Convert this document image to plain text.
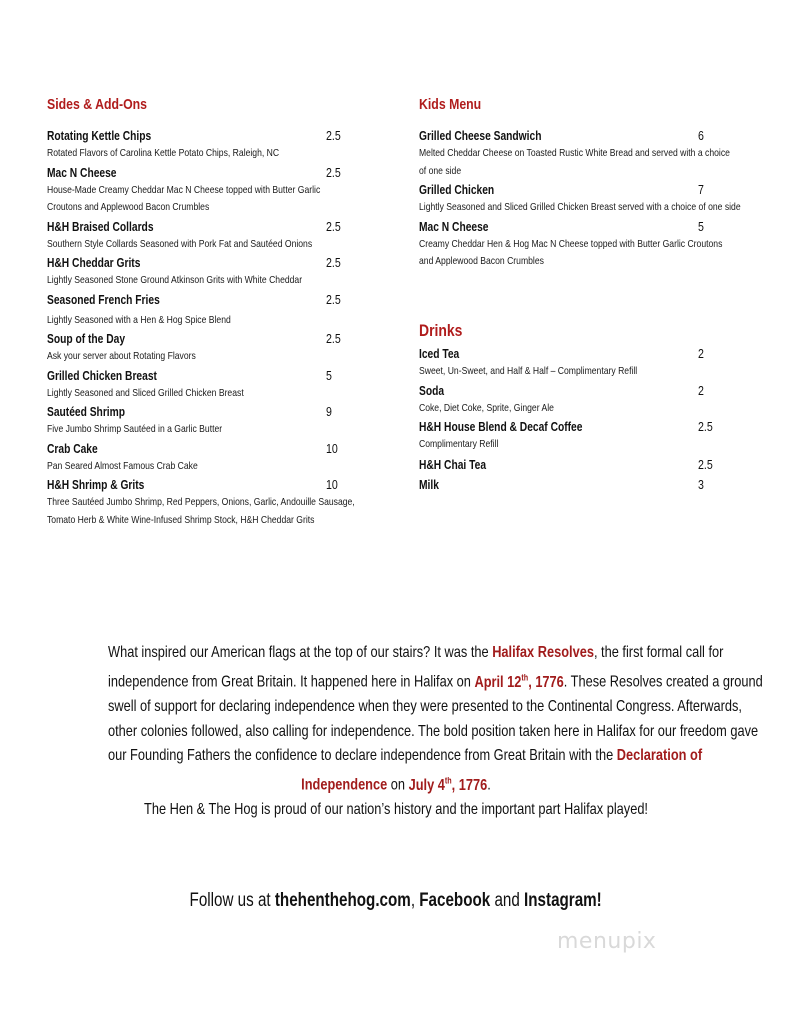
Sides & Add-Ons
Rotating Kettle Chips	2.5
Rotated Flavors of Carolina Kettle Potato Chips, Raleigh, NC
Mac N Cheese	2.5
House-Made Creamy Cheddar Mac N Cheese topped with Butter Garlic Croutons and Applewood Bacon Crumbles
H&H Braised Collards	2.5
Southern Style Collards Seasoned with Pork Fat and Sautéed Onions
H&H Cheddar Grits	2.5
Lightly Seasoned Stone Ground Atkinson Grits with White Cheddar
Seasoned French Fries	2.5
Lightly Seasoned with a Hen & Hog Spice Blend
Soup of the Day	2.5
Ask your server about Rotating Flavors
Grilled Chicken Breast	5
Lightly Seasoned and Sliced Grilled Chicken Breast
Sautéed Shrimp	9
Five Jumbo Shrimp Sautéed in a Garlic Butter
Crab Cake	10
Pan Seared Almost Famous Crab Cake
H&H Shrimp & Grits	10
Three Sautéed Jumbo Shrimp, Red Peppers, Onions, Garlic, Andouille Sausage, Tomato Herb & White Wine-Infused Shrimp Stock, H&H Cheddar Grits
Kids Menu
Grilled Cheese Sandwich	6
Melted Cheddar Cheese on Toasted Rustic White Bread and served with a choice of one side
Grilled Chicken	7
Lightly Seasoned and Sliced Grilled Chicken Breast served with a choice of one side
Mac N Cheese	5
Creamy Cheddar Hen & Hog Mac N Cheese topped with Butter Garlic Croutons and Applewood Bacon Crumbles
Drinks
Iced Tea	2
Sweet, Un-Sweet, and Half & Half – Complimentary Refill
Soda	2
Coke, Diet Coke, Sprite, Ginger Ale
H&H House Blend & Decaf Coffee	2.5
Complimentary Refill
H&H Chai Tea	2.5
Milk	3
What inspired our American flags at the top of our stairs? It was the Halifax Resolves, the first formal call for
independence from Great Britain. It happened here in Halifax on April 12th, 1776. These Resolves created a ground
swell of support for declaring independence when they were presented to the Continental Congress. Afterwards,
other colonies followed, also calling for independence. The bold position taken here in Halifax for our freedom gave
our Founding Fathers the confidence to declare independence from Great Britain with the Declaration of
Independence on July 4th, 1776.
The Hen & The Hog is proud of our nation’s history and the important part Halifax played!
Follow us at thehenthehog.com, Facebook and Instagram!
menupix
